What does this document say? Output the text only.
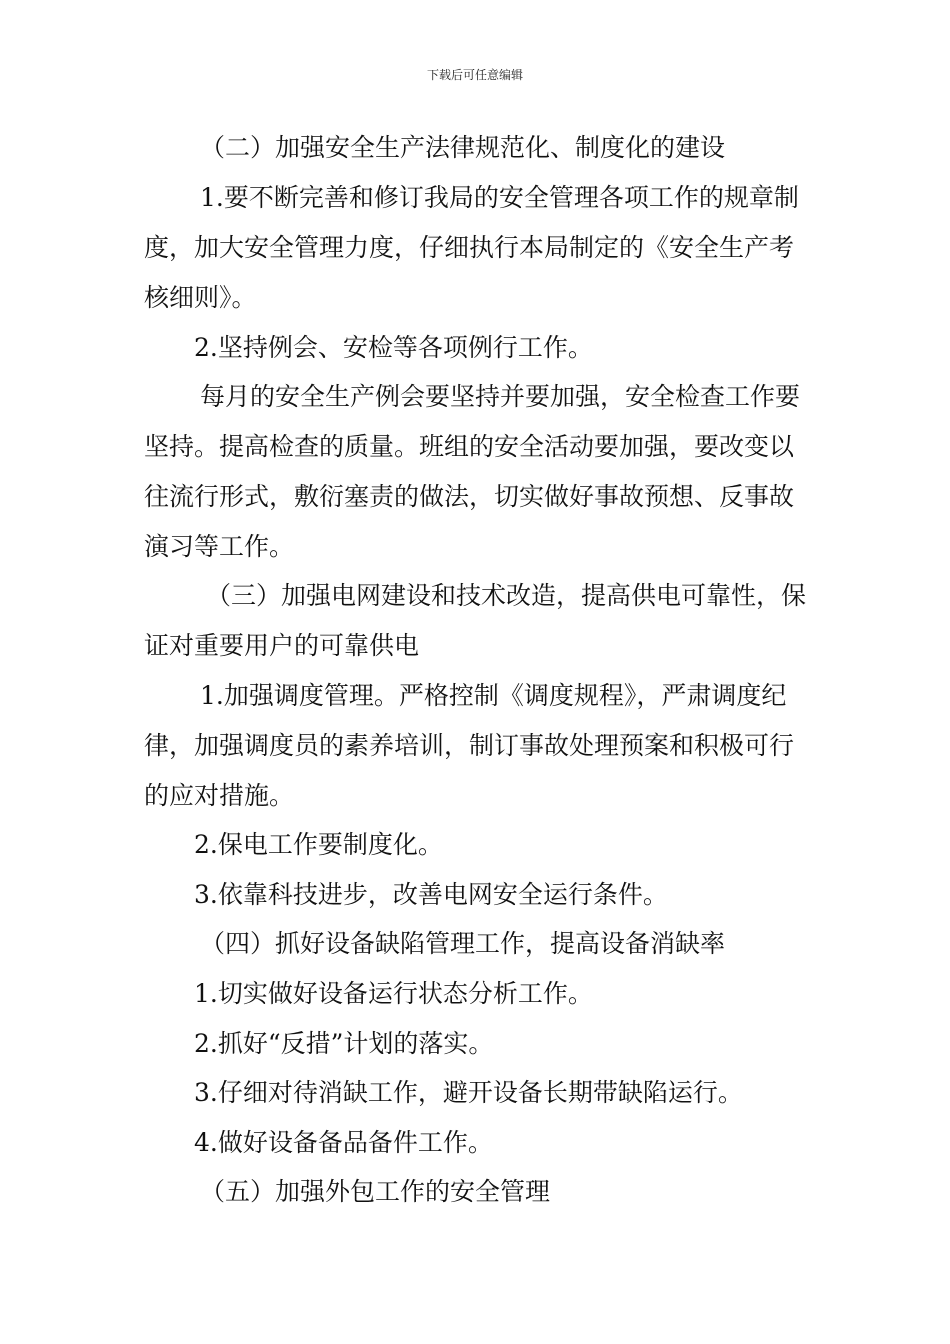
下载后可任意编辑
（二）加强安全生产法律规范化、制度化的建设
1.要不断完善和修订我局的安全管理各项工作的规章制度，加大安全管理力度，仔细执行本局制定的《安全生产考核细则》。
2.坚持例会、安检等各项例行工作。
每月的安全生产例会要坚持并要加强，安全检查工作要坚持。提高检查的质量。班组的安全活动要加强，要改变以往流行形式，敷衍塞责的做法，切实做好事故预想、反事故演习等工作。
（三）加强电网建设和技术改造，提高供电可靠性，保证对重要用户的可靠供电
1.加强调度管理。严格控制《调度规程》，严肃调度纪律，加强调度员的素养培训，制订事故处理预案和积极可行的应对措施。
2.保电工作要制度化。
3.依靠科技进步，改善电网安全运行条件。
（四）抓好设备缺陷管理工作，提高设备消缺率
1.切实做好设备运行状态分析工作。
2.抓好“反措”计划的落实。
3.仔细对待消缺工作，避开设备长期带缺陷运行。
4.做好设备备品备件工作。
（五）加强外包工作的安全管理
